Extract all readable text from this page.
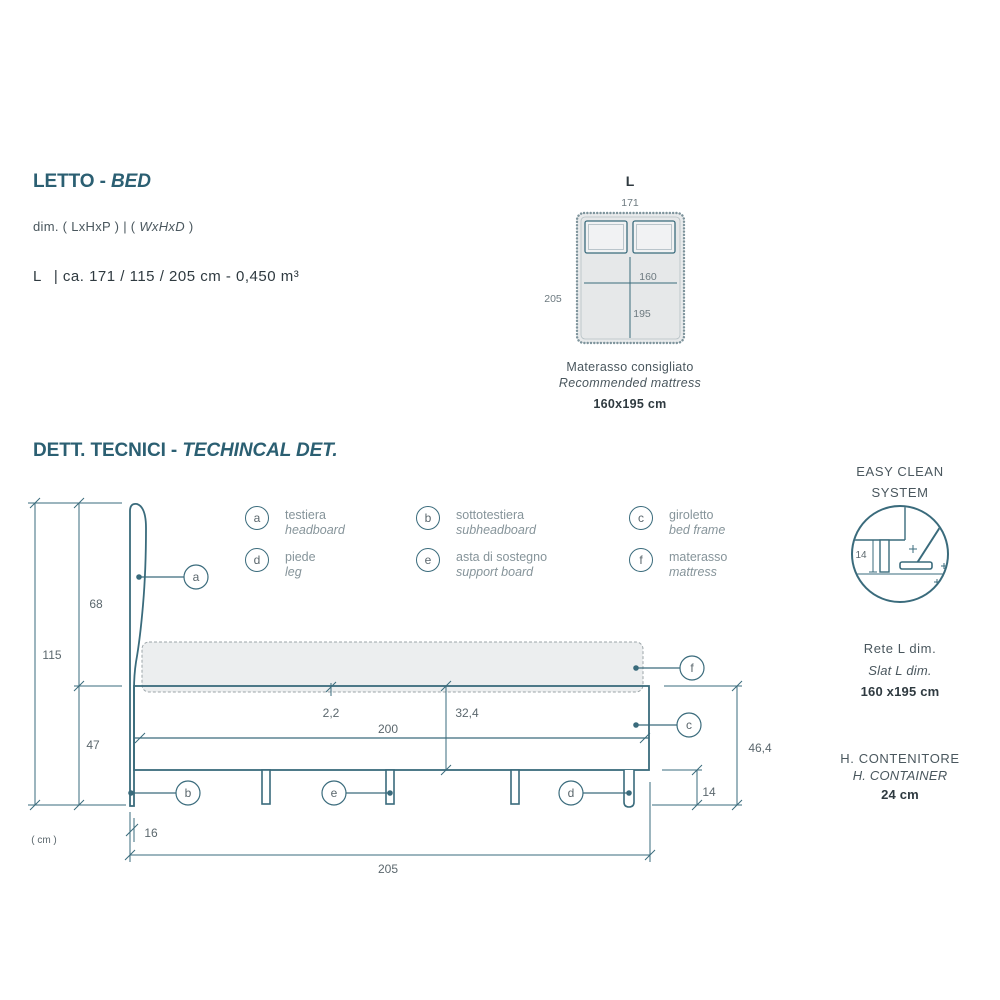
171
205
160
195
115
68
47
2,2
200
32,4
46,4
14
16
205
( cm )
a
f
c
b	e	d
14
LETTO - BED
dim. ( LxHxP ) | ( WxHxD )
L | ca. 171 / 115 / 205 cm - 0,450 m³
L
Materasso consigliato
Recommended mattress
160x195 cm
DETT. TECNICI - TECHINCAL DET.
a	testiera
headboard
b	sottotestiera
subheadboard
c	giroletto
bed frame
d	piede
leg
e	asta di sostegno
support board
f	materasso
mattress
EASY CLEAN
SYSTEM
Rete L dim.
Slat L dim.
160 x195 cm
H. CONTENITORE
H. CONTAINER
24 cm
